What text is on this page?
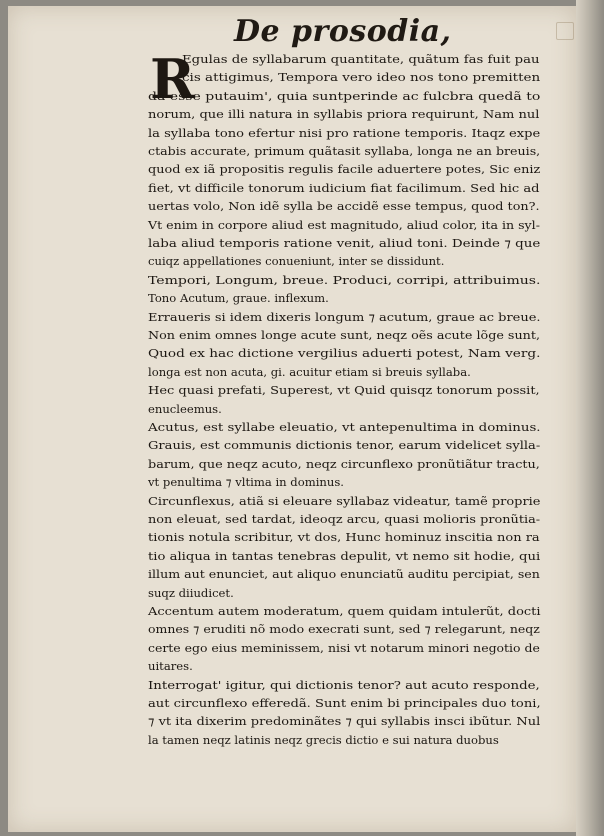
De prosodia,
R
Egulas de syllabarum quantitate, quãtum fas fuit pau
cis attigimus, Tempora vero ideo nos tono premitten
da esse putauim', quia suntperinde ac fulcbra quedã to
norum, que illi natura in syllabis priora requirunt, Nam nul
la syllaba tono efertur nisi pro ratione temporis. Itaqz expe
ctabis accurate, primum quãtasit syllaba, longa ne an breuis,
quod ex iã propositis regulis facile aduertere potes, Sic eniz
fiet, vt difficile tonorum iudicium fiat facilimum. Sed hic ad
uertas volo, Non idẽ sylla be accidẽ esse tempus, quod ton?.
Vt enim in corpore aliud est magnitudo, aliud color, ita in syl-
laba aliud temporis ratione venit, aliud toni. Deinde ⁊ que
cuiqz appellationes conueniunt, inter se dissidunt.
Tempori, Longum, breue. Produci, corripi, attribuimus.
Tono Acutum, graue. inflexum.
Erraueris si idem dixeris longum ⁊ acutum, graue ac breue.
Non enim omnes longe acute sunt, neqz oẽs acute lõge sunt,
Quod ex hac dictione vergilius aduerti potest, Nam verg.
longa est non acuta, gi. acuitur etiam si breuis syllaba.
Hec quasi prefati, Superest, vt Quid quisqz tonorum possit,
enucleemus.
Acutus, est syllabe eleuatio, vt antepenultima in dominus.
Grauis, est communis dictionis tenor, earum videlicet sylla-
barum, que neqz acuto, neqz circunflexo pronũtiãtur tractu,
vt penultima ⁊ vltima in dominus.
Circunflexus, atiã si eleuare syllabaz videatur, tamẽ proprie
non eleuat, sed tardat, ideoqz arcu, quasi molioris pronũtia-
tionis notula scribitur, vt dos, Hunc hominuz inscitia non ra
tio aliqua in tantas tenebras depulit, vt nemo sit hodie, qui
illum aut enunciet, aut aliquo enunciatũ auditu percipiat, sen
suqz diiudicet.
Accentum autem moderatum, quem quidam intulerũt, docti
omnes ⁊ eruditi nõ modo execrati sunt, sed ⁊ relegarunt, neqz
certe ego eius meminissem, nisi vt notarum minori negotio de
uitares.
Interrogat' igitur, qui dictionis tenor? aut acuto responde,
aut circunflexo efferedã. Sunt enim bi principales duo toni,
⁊ vt ita dixerim predominãtes ⁊ qui syllabis insci ibũtur. Nul
la tamen neqz latinis neqz grecis dictio e sui natura duobus
